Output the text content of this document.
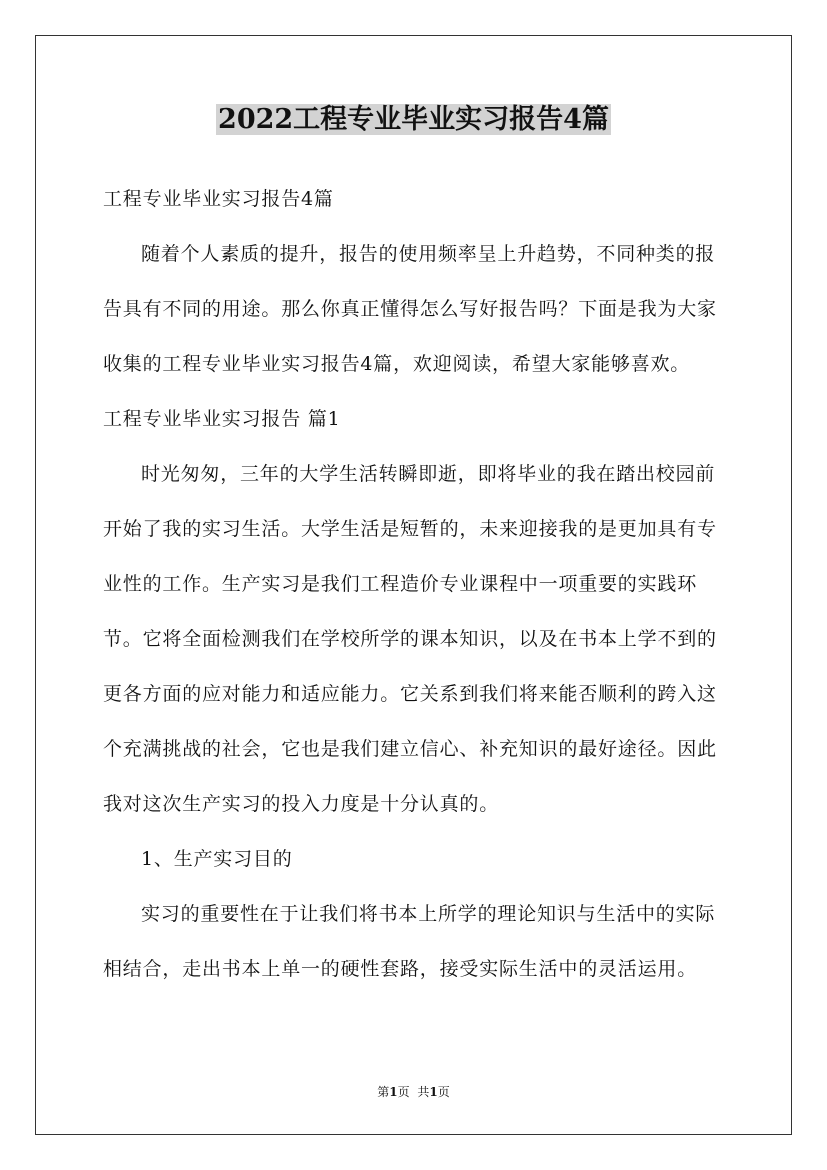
2022工程专业毕业实习报告4篇

工程专业毕业实习报告4篇

随着个人素质的提升，报告的使用频率呈上升趋势，不同种类的报告具有不同的用途。那么你真正懂得怎么写好报告吗？下面是我为大家收集的工程专业毕业实习报告4篇，欢迎阅读，希望大家能够喜欢。

工程专业毕业实习报告 篇1

时光匆匆，三年的大学生活转瞬即逝，即将毕业的我在踏出校园前开始了我的实习生活。大学生活是短暂的，未来迎接我的是更加具有专业性的工作。生产实习是我们工程造价专业课程中一项重要的实践环节。它将全面检测我们在学校所学的课本知识，以及在书本上学不到的更各方面的应对能力和适应能力。它关系到我们将来能否顺利的跨入这个充满挑战的社会，它也是我们建立信心、补充知识的最好途径。因此我对这次生产实习的投入力度是十分认真的。

1、生产实习目的

实习的重要性在于让我们将书本上所学的理论知识与生活中的实际相结合，走出书本上单一的硬性套路，接受实际生活中的灵活运用。

第1页 共1页
